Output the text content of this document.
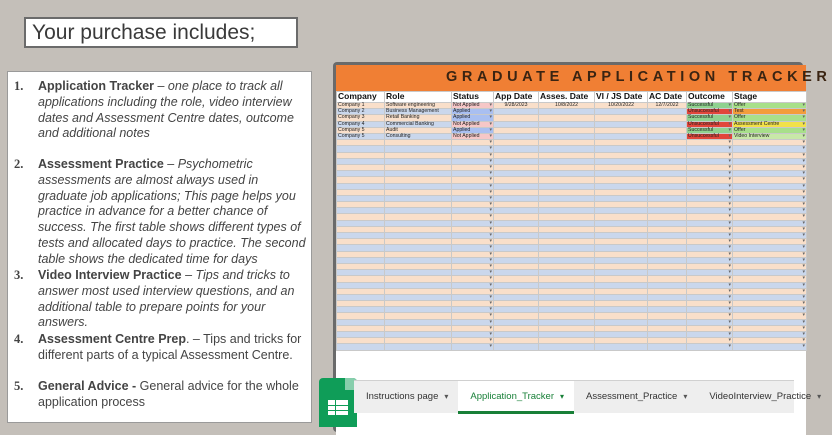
Your purchase includes;
1. Application Tracker – one place to track all applications including the role, video interview dates and Assessment Centre dates, outcome and additional notes
2. Assessment Practice – Psychometric assessments are almost always used in graduate job applications; This page helps you practice in advance for a better chance of success. The first table shows different types of tests and allocated days to practice. The second table shows the dedicated time for days
3. Video Interview Practice – Tips and tricks to answer most used interview questions, and an additional table to prepare points for your answers.
4. Assessment Centre Prep. – Tips and tricks for different parts of a typical Assessment Centre.
5. General Advice - General advice for the whole application process
GRADUATE APPLICATION TRACKER
Company	Role	Status	App Date	Asses. Date	VI / JS Date	AC Date	Outcome	Stage
Company 1	Software engineering	Not Applied ▾	9/28/2023	10/8/2022	10/20/2022	12/7/2022	Successful ▾	Offer ▾
Company 2	Business Management	Applied ▾					Unsuccessful ▾	Test ▾
Company 3	Retail Banking	Applied ▾					Successful ▾	Offer ▾
Company 4	Commercial Banking	Not Applied ▾					Unsuccessful ▾	Assessment Centre ▾
Company 5	Audit	Applied ▾					Successful ▾	Offer ▾
Company 5	Consulting	Not Applied ▾					Unsuccessful ▾	Video Interview ▾
		▾					▾	▾
		▾					▾	▾
		▾					▾	▾
		▾					▾	▾
		▾					▾	▾
		▾					▾	▾
		▾					▾	▾
		▾					▾	▾
		▾					▾	▾
		▾					▾	▾
		▾					▾	▾
		▾					▾	▾
		▾					▾	▾
		▾					▾	▾
		▾					▾	▾
		▾					▾	▾
		▾					▾	▾
		▾					▾	▾
		▾					▾	▾
		▾					▾	▾
		▾					▾	▾
		▾					▾	▾
		▾					▾	▾
		▾					▾	▾
		▾					▾	▾
		▾					▾	▾
		▾					▾	▾
		▾					▾	▾
		▾					▾	▾
		▾					▾	▾
		▾					▾	▾
		▾					▾	▾
		▾					▾	▾
		▾					▾	▾
Instructions page ▾	Application_Tracker ▾	Assessment_Practice ▾	VideoInterview_Practice ▾
